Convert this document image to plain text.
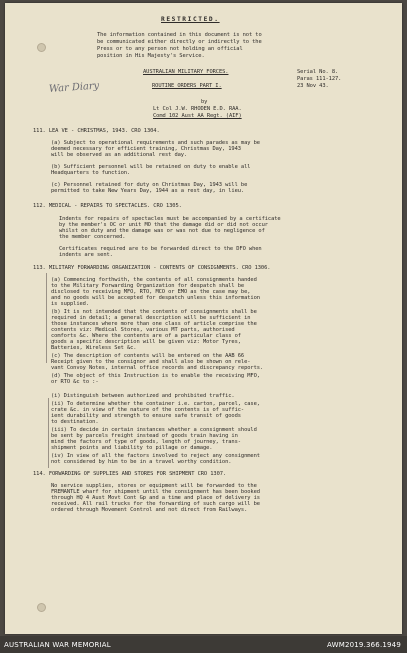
RESTRICTED.
The information contained in this document is not to
be communicated either directly or indirectly to the
Press or to any person not holding an official
position in His Majesty's Service.
AUSTRALIAN MILITARY FORCES.
ROUTINE ORDERS PART I.
Serial No. 8.
Paras 111-127.
23 Nov 43.
War Diary
by
Lt Col J.W. RHODEN E.D. RAA.
Comd 102 Aust AA Regt. (AIF)
111. LEA VE - CHRISTMAS, 1943. CRO 1304.
(a) Subject to operational requirements and such parades as may be
deemed necessary for efficient training, Christmas Day, 1943
will be observed as an additional rest day.
(b) Sufficient personnel will be retained on duty to enable all
Headquarters to function.
(c) Personnel retained for duty on Christmas Day, 1943 will be
permitted to take New Years Day, 1944 as a rest day, in lieu.
112. MEDICAL - REPAIRS TO SPECTACLES. CRO 1305.
Indents for repairs of spectacles must be accompanied by a certificate
by the member's OC or unit MO that the damage did or did not occur
whilst on duty and the damage was or was not due to negligence of
the member concerned.
Certificates required are to be forwarded direct to the DFO when
indents are sent.
113. MILITARY FORWARDING ORGANIZATION - CONTENTS OF CONSIGNMENTS. CRO 1306.
(a) Commencing forthwith, the contents of all consignments handed
to the Military Forwarding Organization for despatch shall be
disclosed to receiving MFO, RTO, MCO or EMO as the case may be,
and no goods will be accepted for despatch unless this information
is supplied.
(b) It is not intended that the contents of consignments shall be
required in detail; a general description will be sufficient in
those instances where more than one class of article comprise the
contents viz: Medical Stores, various MT parts, authorised
comforts &c. Where the contents are of a particular class of
goods a specific description will be given viz: Motor Tyres,
Batteries, Wireless Set &c.
(c) The description of contents will be entered on the AAB 66
Receipt given to the consignor and shall also be shown on rele-
vant Convoy Notes, internal office records and discrepancy reports.
(d) The object of this Instruction is to enable the receiving MFO,
or RTO &c to :-
(i) Distinguish between authorized and prohibited traffic.
(ii) To determine whether the container i.e. carton, parcel, case,
crate &c. in view of the nature of the contents is of suffic-
ient durability and strength to ensure safe transit of goods
to destination.
(iii) To decide in certain instances whether a consignment should
be sent by parcels freight instead of goods train having in
mind the factors of type of goods, length of journey, trans-
shipment points and liability to pillage or damage.
(iv) In view of all the factors involved to reject any consignment
not considered by him to be in a travel worthy condition.
114. FORWARDING OF SUPPLIES AND STORES FOR SHIPMENT CRO 1307.
No service supplies, stores or equipment will be forwarded to the
FREMANTLE wharf for shipment until the consignment has been booked
through HQ 4 Aust Movt Cont Gp and a time and place of delivery is
received. All rail trucks for the forwarding of such cargo will be
ordered through Movement Control and not direct from Railways.
AUSTRALIAN WAR MEMORIAL	AWM2019.366.1949
